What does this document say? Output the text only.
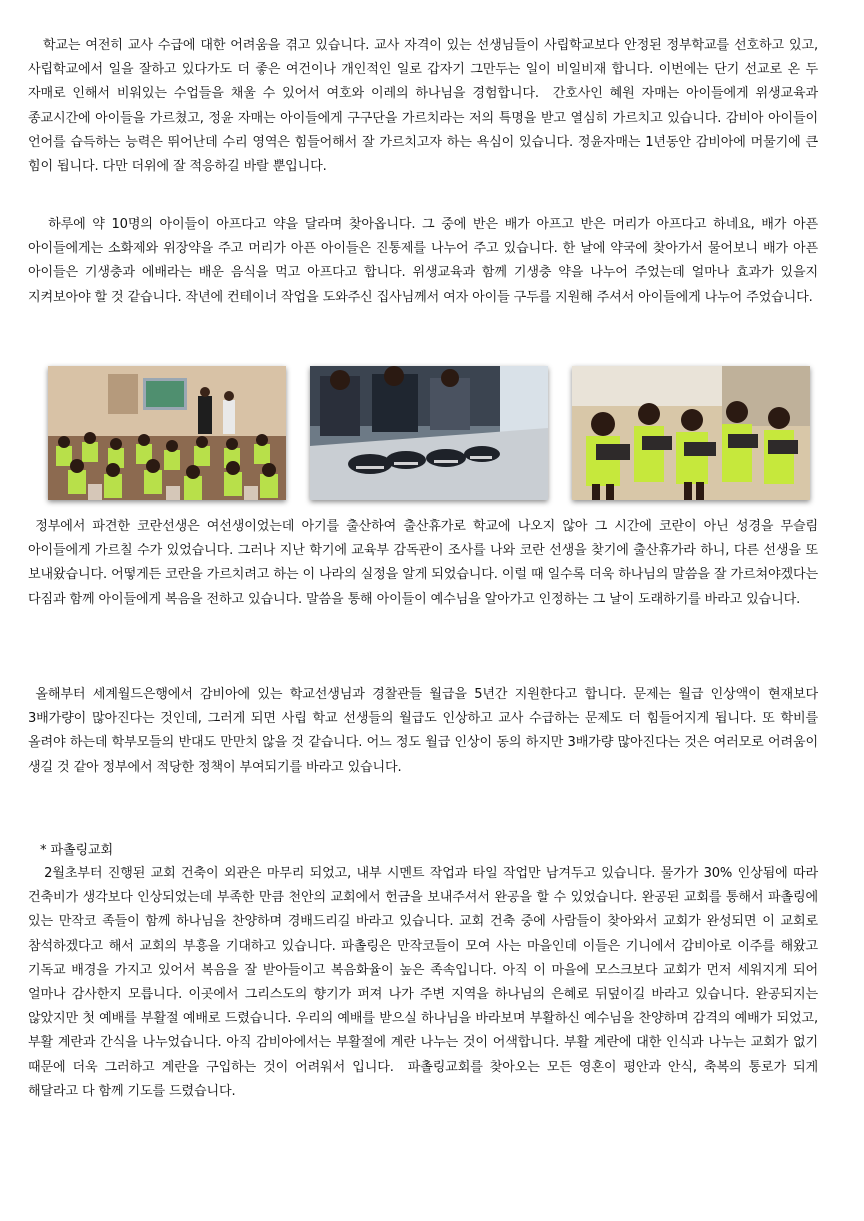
학교는 여전히 교사 수급에 대한 어려움을 겪고 있습니다. 교사 자격이 있는 선생님들이 사립학교보다 안정된 정부학교를 선호하고 있고, 사립학교에서 일을 잘하고 있다가도 더 좋은 여건이나 개인적인 일로 갑자기 그만두는 일이 비일비재 합니다. 이번에는 단기 선교로 온 두 자매로 인해서 비워있는 수업들을 채울 수 있어서 여호와 이레의 하나님을 경험합니다.  간호사인 혜원 자매는 아이들에게 위생교육과 종교시간에 아이들을 가르쳤고, 정윤 자매는 아이들에게 구구단을 가르치라는 저의 특명을 받고 열심히 가르치고 있습니다. 감비아 아이들이 언어를 습득하는 능력은 뛰어난데 수리 영역은 힘들어해서 잘 가르치고자 하는 욕심이 있습니다. 정윤자매는 1년동안 감비아에 머물기에 큰 힘이 됩니다. 다만 더위에 잘 적응하길 바랄 뿐입니다.

하루에 약 10명의 아이들이 아프다고 약을 달라며 찾아옵니다. 그 중에 반은 배가 아프고 반은 머리가 아프다고 하네요, 배가 아픈 아이들에게는 소화제와 위장약을 주고 머리가 아픈 아이들은 진통제를 나누어 주고 있습니다. 한 날에 약국에 찾아가서 물어보니 배가 아픈 아이들은 기생충과 에배라는 배운 음식을 먹고 아프다고 합니다. 위생교육과 함께 기생충 약을 나누어 주었는데 얼마나 효과가 있을지 지켜보아야 할 것 같습니다. 작년에 컨테이너 작업을 도와주신 집사님께서 여자 아이들 구두를 지원해 주셔서 아이들에게 나누어 주었습니다.

정부에서 파견한 코란선생은 여선생이었는데 아기를 출산하여 출산휴가로 학교에 나오지 않아 그 시간에 코란이 아닌 성경을 무슬림 아이들에게 가르칠 수가 있었습니다. 그러나 지난 학기에 교육부 감독관이 조사를 나와 코란 선생을 찾기에 출산휴가라 하니, 다른 선생을 또 보내왔습니다. 어떻게든 코란을 가르치려고 하는 이 나라의 실정을 알게 되었습니다. 이럴 때 일수록 더욱 하나님의 말씀을 잘 가르쳐야겠다는 다짐과 함께 아이들에게 복음을 전하고 있습니다. 말씀을 통해 아이들이 예수님을 알아가고 인정하는 그 날이 도래하기를 바라고 있습니다.

올해부터 세계월드은행에서 감비아에 있는 학교선생님과 경찰관들 월급을 5년간 지원한다고 합니다. 문제는 월급 인상액이 현재보다 3배가량이 많아진다는 것인데, 그러게 되면 사립 학교 선생들의 월급도 인상하고 교사 수급하는 문제도 더 힘들어지게 됩니다. 또 학비를 올려야 하는데 학부모들의 반대도 만만치 않을 것 같습니다. 어느 정도 월급 인상이 동의 하지만 3배가량 많아진다는 것은 여러모로 어려움이 생길 것 같아 정부에서 적당한 정책이 부여되기를 바라고 있습니다.

* 파촐링교회

2월초부터 진행된 교회 건축이 외관은 마무리 되었고, 내부 시멘트 작업과 타일 작업만 남겨두고 있습니다. 물가가 30% 인상됨에 따라 건축비가 생각보다 인상되었는데 부족한 만큼 천안의 교회에서 헌금을 보내주셔서 완공을 할 수 있었습니다. 완공된 교회를 통해서 파촐링에 있는 만작코 족들이 함께 하나님을 찬양하며 경배드리길 바라고 있습니다. 교회 건축 중에 사람들이 찾아와서 교회가 완성되면 이 교회로 참석하겠다고 해서 교회의 부흥을 기대하고 있습니다. 파촐링은 만작코들이 모여 사는 마을인데 이들은 기니에서 감비아로 이주를 해왔고 기독교 배경을 가지고 있어서 복음을 잘 받아들이고 복음화율이 높은 족속입니다. 아직 이 마을에 모스크보다 교회가 먼저 세워지게 되어 얼마나 감사한지 모릅니다. 이곳에서 그리스도의 향기가 퍼져 나가 주변 지역을 하나님의 은혜로 뒤덮이길 바라고 있습니다. 완공되지는 않았지만 첫 예배를 부활절 예배로 드렸습니다. 우리의 예배를 받으실 하나님을 바라보며 부활하신 예수님을 찬양하며 감격의 예배가 되었고, 부활 계란과 간식을 나누었습니다. 아직 감비아에서는 부활절에 계란 나누는 것이 어색합니다. 부활 계란에 대한 인식과 나누는 교회가 없기 때문에 더욱 그러하고 계란을 구입하는 것이 어려워서 입니다.  파촐링교회를 찾아오는 모든 영혼이 평안과 안식, 축복의 통로가 되게 해달라고 다 함께 기도를 드렸습니다.
